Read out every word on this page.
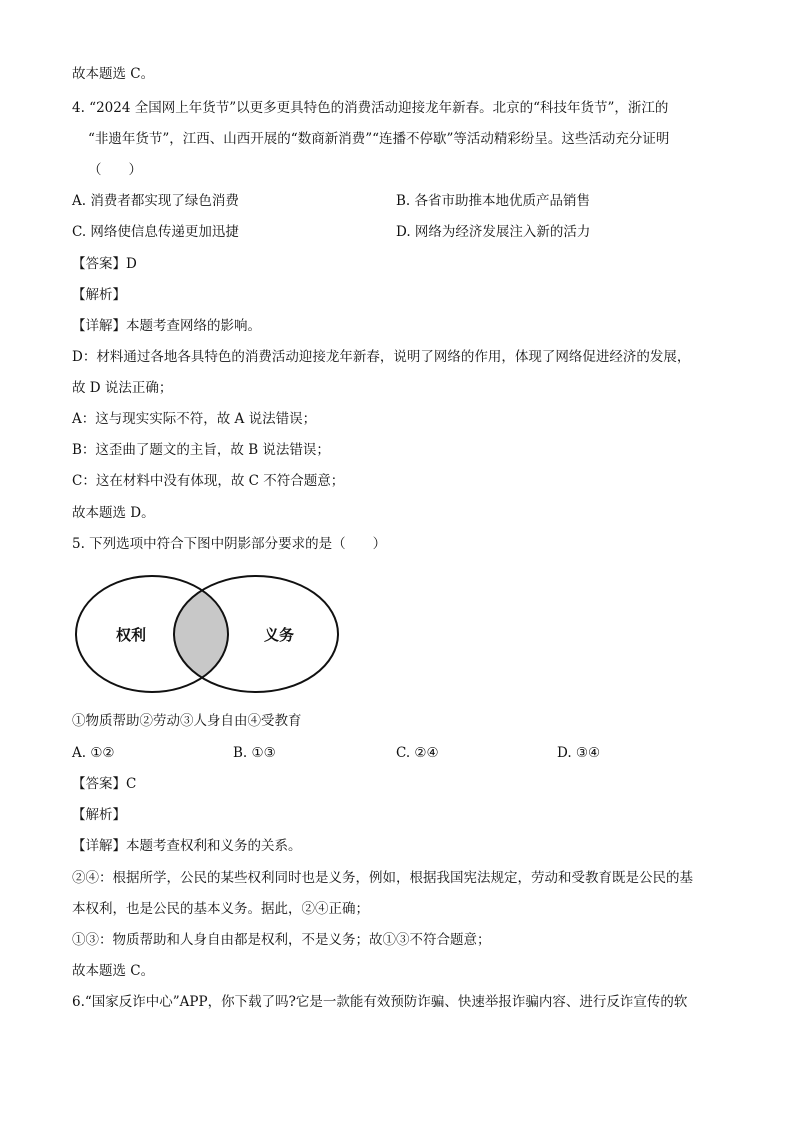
故本题选 C。
4. “2024 全国网上年货节”以更多更具特色的消费活动迎接龙年新春。北京的“科技年货节”，浙江的
“非遗年货节”，江西、山西开展的“数商新消费”“连播不停歇”等活动精彩纷呈。这些活动充分证明
（　　）
A. 消费者都实现了绿色消费	B. 各省市助推本地优质产品销售
C. 网络使信息传递更加迅捷	D. 网络为经济发展注入新的活力
【答案】D
【解析】
【详解】本题考查网络的影响。
D：材料通过各地各具特色的消费活动迎接龙年新春，说明了网络的作用，体现了网络促进经济的发展，
故 D 说法正确；
A：这与现实实际不符，故 A 说法错误；
B：这歪曲了题文的主旨，故 B 说法错误；
C：这在材料中没有体现，故 C 不符合题意；
故本题选 D。
5. 下列选项中符合下图中阴影部分要求的是（　　）
权利	义务
①物质帮助②劳动③人身自由④受教育
A. ①②	B. ①③	C. ②④	D. ③④
【答案】C
【解析】
【详解】本题考查权利和义务的关系。
②④：根据所学，公民的某些权利同时也是义务，例如，根据我国宪法规定，劳动和受教育既是公民的基
本权利，也是公民的基本义务。据此，②④正确；
①③：物质帮助和人身自由都是权利，不是义务；故①③不符合题意；
故本题选 C。
6.“国家反诈中心”APP，你下载了吗?它是一款能有效预防诈骗、快速举报诈骗内容、进行反诈宣传的软
